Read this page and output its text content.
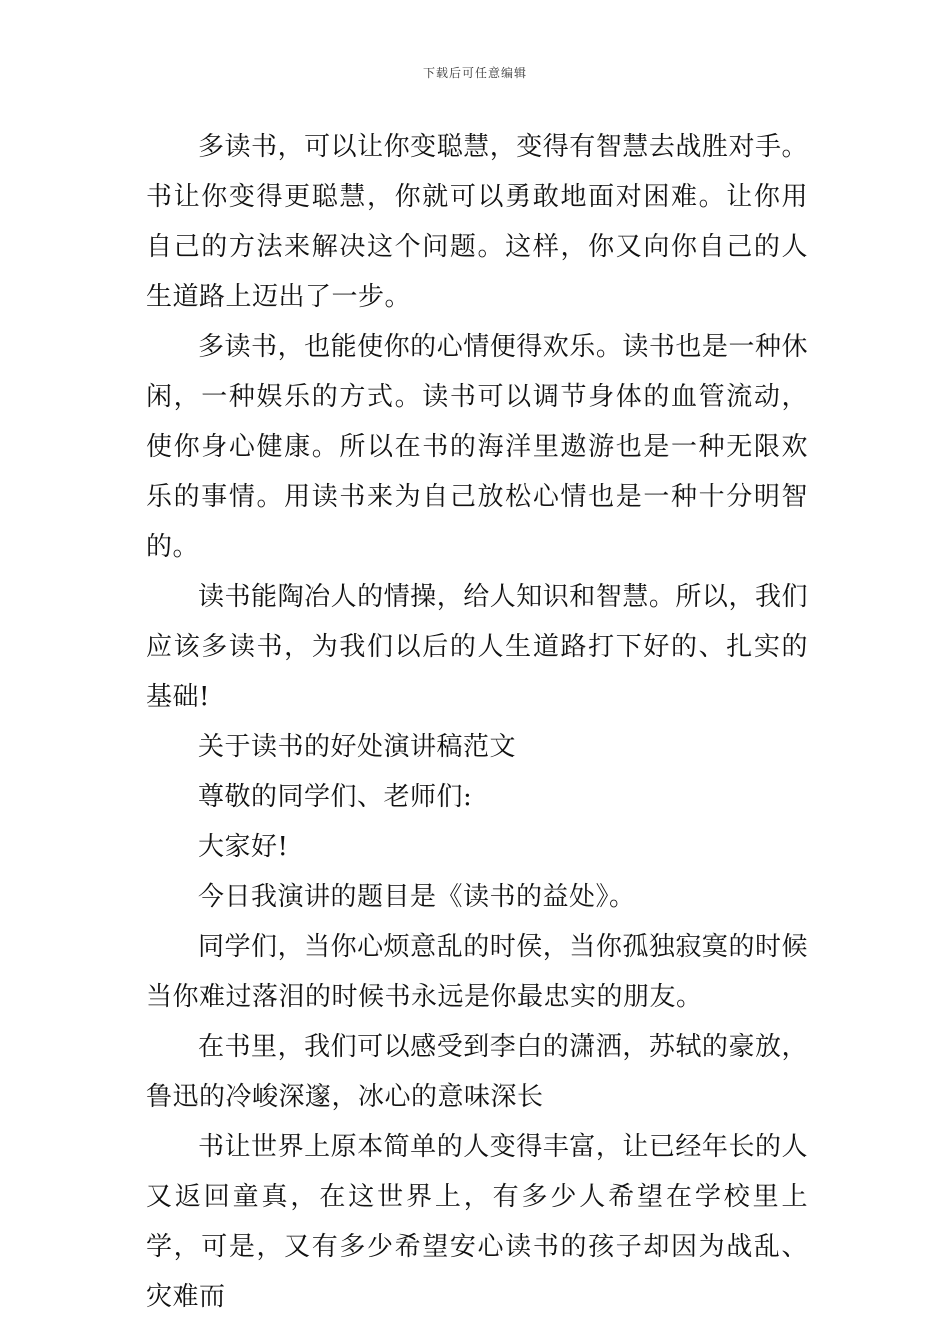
下载后可任意编辑

多读书，可以让你变聪慧，变得有智慧去战胜对手。书让你变得更聪慧，你就可以勇敢地面对困难。让你用自己的方法来解决这个问题。这样，你又向你自己的人生道路上迈出了一步。

多读书，也能使你的心情便得欢乐。读书也是一种休闲，一种娱乐的方式。读书可以调节身体的血管流动，使你身心健康。所以在书的海洋里遨游也是一种无限欢乐的事情。用读书来为自己放松心情也是一种十分明智的。

读书能陶冶人的情操，给人知识和智慧。所以，我们应该多读书，为我们以后的人生道路打下好的、扎实的基础!

关于读书的好处演讲稿范文

尊敬的同学们、老师们:

大家好!

今日我演讲的题目是《读书的益处》。

同学们，当你心烦意乱的时侯，当你孤独寂寞的时候当你难过落泪的时候书永远是你最忠实的朋友。

在书里，我们可以感受到李白的潇洒，苏轼的豪放，鲁迅的冷峻深邃，冰心的意味深长

书让世界上原本简单的人变得丰富，让已经年长的人又返回童真，在这世界上，有多少人希望在学校里上学，可是，又有多少希望安心读书的孩子却因为战乱、灾难而
